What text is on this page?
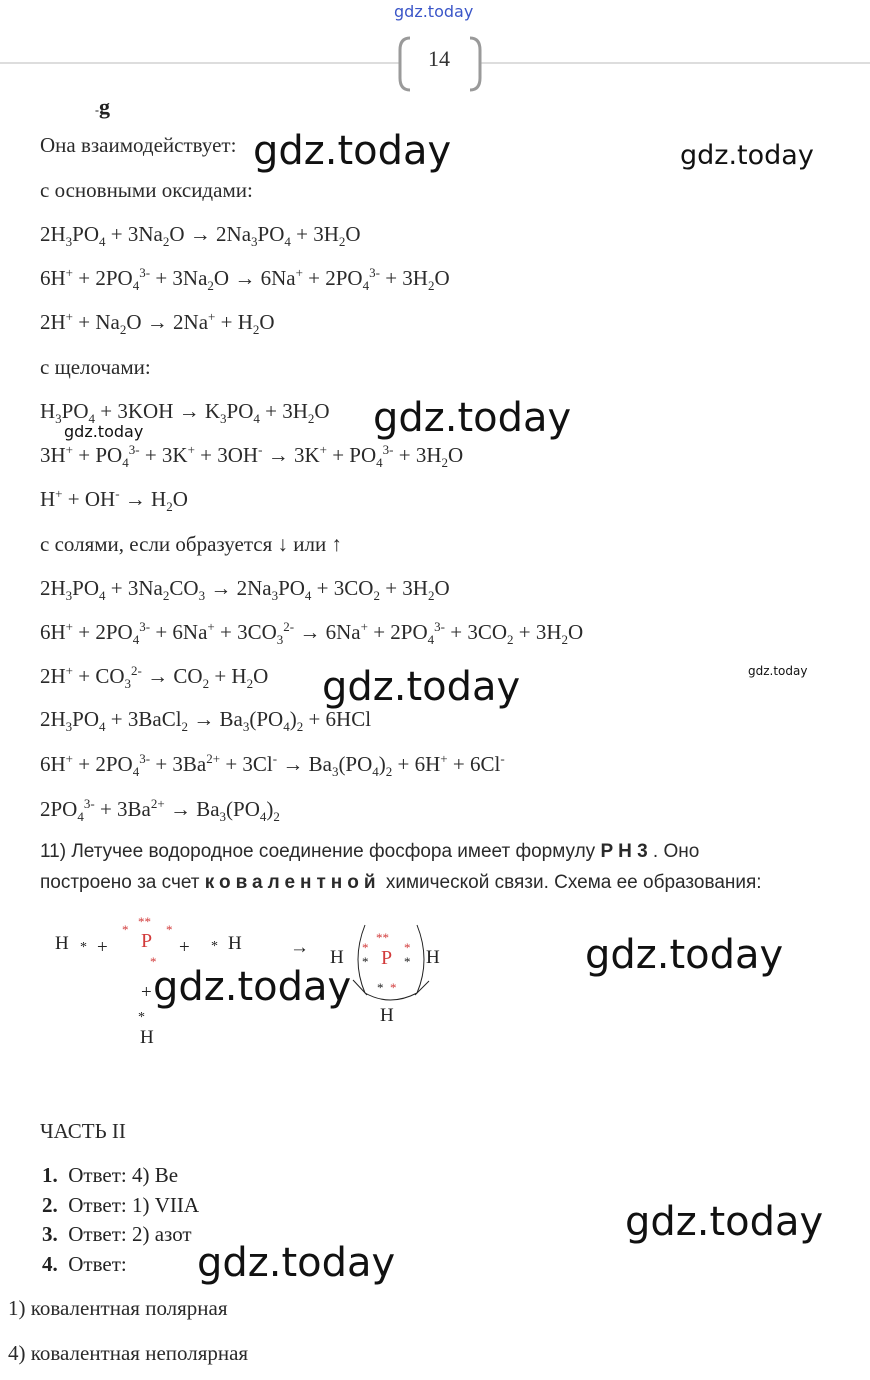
gdz.today
14
-g
Она взаимодействует:
с основными оксидами:
$2H_3PO_4 + 3Na_2O \to 2Na_3PO_4 + 3H_2O$
$6H^+ + 2PO_4^{3-} + 3Na_2O \to 6Na^+ + 2PO_4^{3-} + 3H_2O$
$2H^+ + Na_2O \to 2Na^+ + H_2O$
с щелочами:
$H_3PO_4 + 3KOH \to K_3PO_4 + 3H_2O$
$3H^+ + PO_4^{3-} + 3K^+ + 3OH^- \to 3K^+ + PO_4^{3-} + 3H_2O$
$H^+ + OH^- \to H_2O$
с солями, если образуется ↓ или ↑
$2H_3PO_4 + 3Na_2CO_3 \to 2Na_3PO_4 + 3CO_2 + 3H_2O$
$6H^+ + 2PO_4^{3-} + 6Na^+ + 3CO_3^{2-} \to 6Na^+ + 2PO_4^{3-} + 3CO_2 + 3H_2O$
$2H^+ + CO_3^{2-} \to CO_2 + H_2O$
$2H_3PO_4$ + 3BaCl$_2$ → $Ba_3(PO_4)_2 + 6HCl$
$6H^+ + 2PO_4^{3-} + 3Ba^{2+} + 3Cl^- \to Ba_3(PO_4)_2 + 6H^+ + 6Cl^-$
$2PO_4^{3-} + 3Ba^{2+} \to Ba_3(PO_4)_2$
11) Летучее водородное соединение фосфора имеет формулу P H 3 . Оно
построено за счет ковалентной химической связи. Схема ее образования:
H * +
*
**
P
*
*
+ * H
+
*
H
→ H
**
*
* P *
*
* *
H
H
ЧАСТЬ II
1. Ответ: 4) Be
2. Ответ: 1) VIIA
3. Ответ: 2) азот
4. Ответ:
1) ковалентная полярная
4) ковалентная неполярная
gdz.today	gdz.today
gdz.today
gdz.today
gdz.today
gdz.today
gdz.today
gdz.today
gdz.today
gdz.today
